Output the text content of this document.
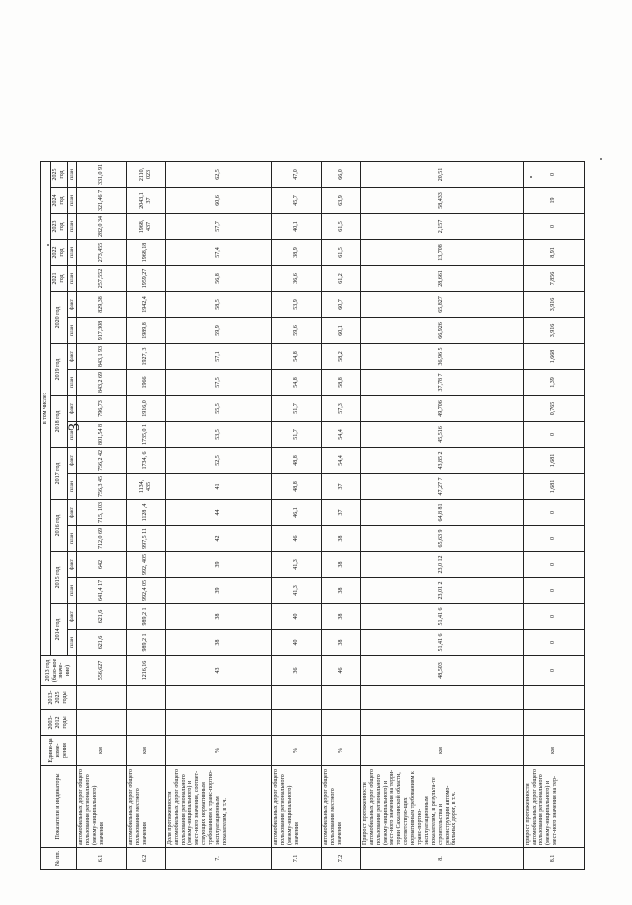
3
№ пп.	Показатели и индикаторы	Едини-ца изме-рения	2003-2012 годы	2013-2025 годы	2013 год (базо-вое значе-ние)	в том числе:																		
						2014 год		2015 год		2016 год		2017 год		2018 год		2019 год		2020 год		2021 год	2022 год	2023 год	2024 год	2025 год
						план	факт	план	факт	план	факт	план	факт	план	факт	план	факт	план	факт	план	план	план	план	план
6.1	автомобильных дорог общего пользования регионального (межму-ниципального) значения	км			556,627	621,6	621,6	641,4 17	642	712,0 69	715, 103	756,3 45	756,2 42	801,54 8	796,73	843,2 69	843,1 93	917,308	829,38	257,552	273,455	282,0 34	321,46 7	331,0 91
6.2	автомобильных дорог общего пользования местного значения	км			1216,16	989,2 1	989,2 1	992,4 05	992, 405	997,5 11	1128 ,4	1134, 435	1734, 6	1735,0 1	1916,0	1966	1927, 3	1989,8	1942,4	1959,27	1968,18	1968, 437	2043,1 37	2110, 023
7.	Доля протяженности автомобильных дорог общего пользования регионального (межму-ниципального) и мест-ного значения, соответ-ствующих нормативным требованиям к транс-портно-эксплуатационным показателям, в т.ч.	%			43	38	38	39	39	42	44	41	52,5	53,5	55,5	57,5	57,1	59,9	58,5	56,8	57,4	57,7	60,6	62,5
7.1	автомобильных дорог общего пользования регионального (межму-ниципального) значения	%			36	40	40	41,3	41,3	46	46,1	48,8	48,8	51,7	51,7	54,8	54,8	59,6	53,9	36,6	38,9	40,1	45,7	47,0
7.2	автомобильных дорог общего пользования местного значения	%			46	38	38	38	38	38	37	37	54,4	54,4	57,3	58,8	58,2	60,1	60,7	61,2	61,5	61,5	63,9	66,0
8.	Прирост протяженности автомобильных дорог общего пользования регионального (межму-ниципального) и мест-ного значения на терри-тории Сахалинской области, соответствую-щих нормативным требованиям к транс-портно-эксплуатационным показателям, в результа-те строительства и реконструкции автомо-бильных дорог, в т.ч.	км			48,503	51,41 6	51,41 6	23,01 2	23,0 12	65,63 9	64,8 81	47,27 7	43,85 2	45,516	49,706	37,78 7	36,96 5	66,926	65,827	28,661	13,708	2,157	58,433	20,51
8.1	прирост протяженности автомобильных дорог общего пользования регионального (межму-ниципального) и мест-ного значения на тер-	км			0	0	0	0	0	0	0	1,681	1,681	0	0,765	1,39	1,668	3,916	3,916	7,856	8,91	0	19	0
